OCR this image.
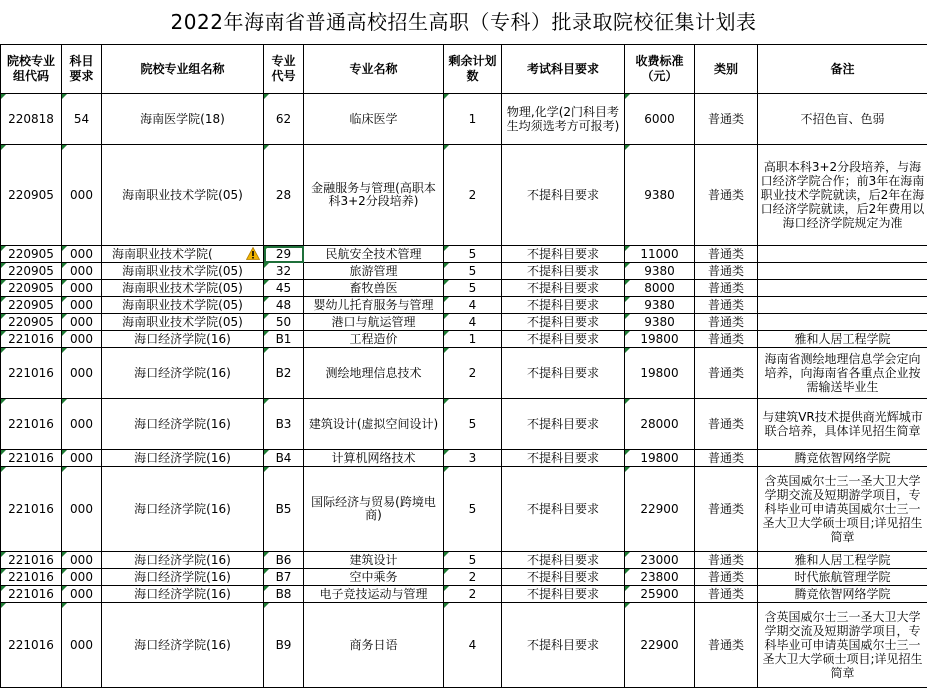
2022年海南省普通高校招生高职（专科）批录取院校征集计划表
院校专业组代码	科目要求	院校专业组名称	专业代号	专业名称	剩余计划数	考试科目要求	收费标准（元）	类别	备注
220818	54	海南医学院(18)	62	临床医学	1	物理,化学(2门科目考生均须选考方可报考)	6000	普通类	不招色盲、色弱
220905	000	海南职业技术学院(05)	28	金融服务与管理(高职本科3+2分段培养)	2	不提科目要求	9380	普通类	高职本科3+2分段培养，与海口经济学院合作；前3年在海南职业技术学院就读，后2年在海口经济学院就读，后2年费用以海口经济学院规定为准
220905	000	海南职业技术学院(	29	民航安全技术管理	5	不提科目要求	11000	普通类	
220905	000	海南职业技术学院(05)	32	旅游管理	5	不提科目要求	9380	普通类	
220905	000	海南职业技术学院(05)	45	畜牧兽医	5	不提科目要求	8000	普通类	
220905	000	海南职业技术学院(05)	48	婴幼儿托育服务与管理	4	不提科目要求	9380	普通类	
220905	000	海南职业技术学院(05)	50	港口与航运管理	4	不提科目要求	9380	普通类	
221016	000	海口经济学院(16)	B1	工程造价	1	不提科目要求	19800	普通类	雅和人居工程学院
221016	000	海口经济学院(16)	B2	测绘地理信息技术	2	不提科目要求	19800	普通类	海南省测绘地理信息学会定向培养，向海南省各重点企业按需输送毕业生
221016	000	海口经济学院(16)	B3	建筑设计(虚拟空间设计)	5	不提科目要求	28000	普通类	与建筑VR技术提供商光辉城市联合培养，具体详见招生简章
221016	000	海口经济学院(16)	B4	计算机网络技术	3	不提科目要求	19800	普通类	腾竞依智网络学院
221016	000	海口经济学院(16)	B5	国际经济与贸易(跨境电商)	5	不提科目要求	22900	普通类	含英国威尔士三一圣大卫大学学期交流及短期游学项目，专科毕业可申请英国威尔士三一圣大卫大学硕士项目;详见招生简章
221016	000	海口经济学院(16)	B6	建筑设计	5	不提科目要求	23000	普通类	雅和人居工程学院
221016	000	海口经济学院(16)	B7	空中乘务	2	不提科目要求	23800	普通类	时代旅航管理学院
221016	000	海口经济学院(16)	B8	电子竞技运动与管理	2	不提科目要求	25900	普通类	腾竞依智网络学院
221016	000	海口经济学院(16)	B9	商务日语	4	不提科目要求	22900	普通类	含英国威尔士三一圣大卫大学学期交流及短期游学项目，专科毕业可申请英国威尔士三一圣大卫大学硕士项目;详见招生简章
